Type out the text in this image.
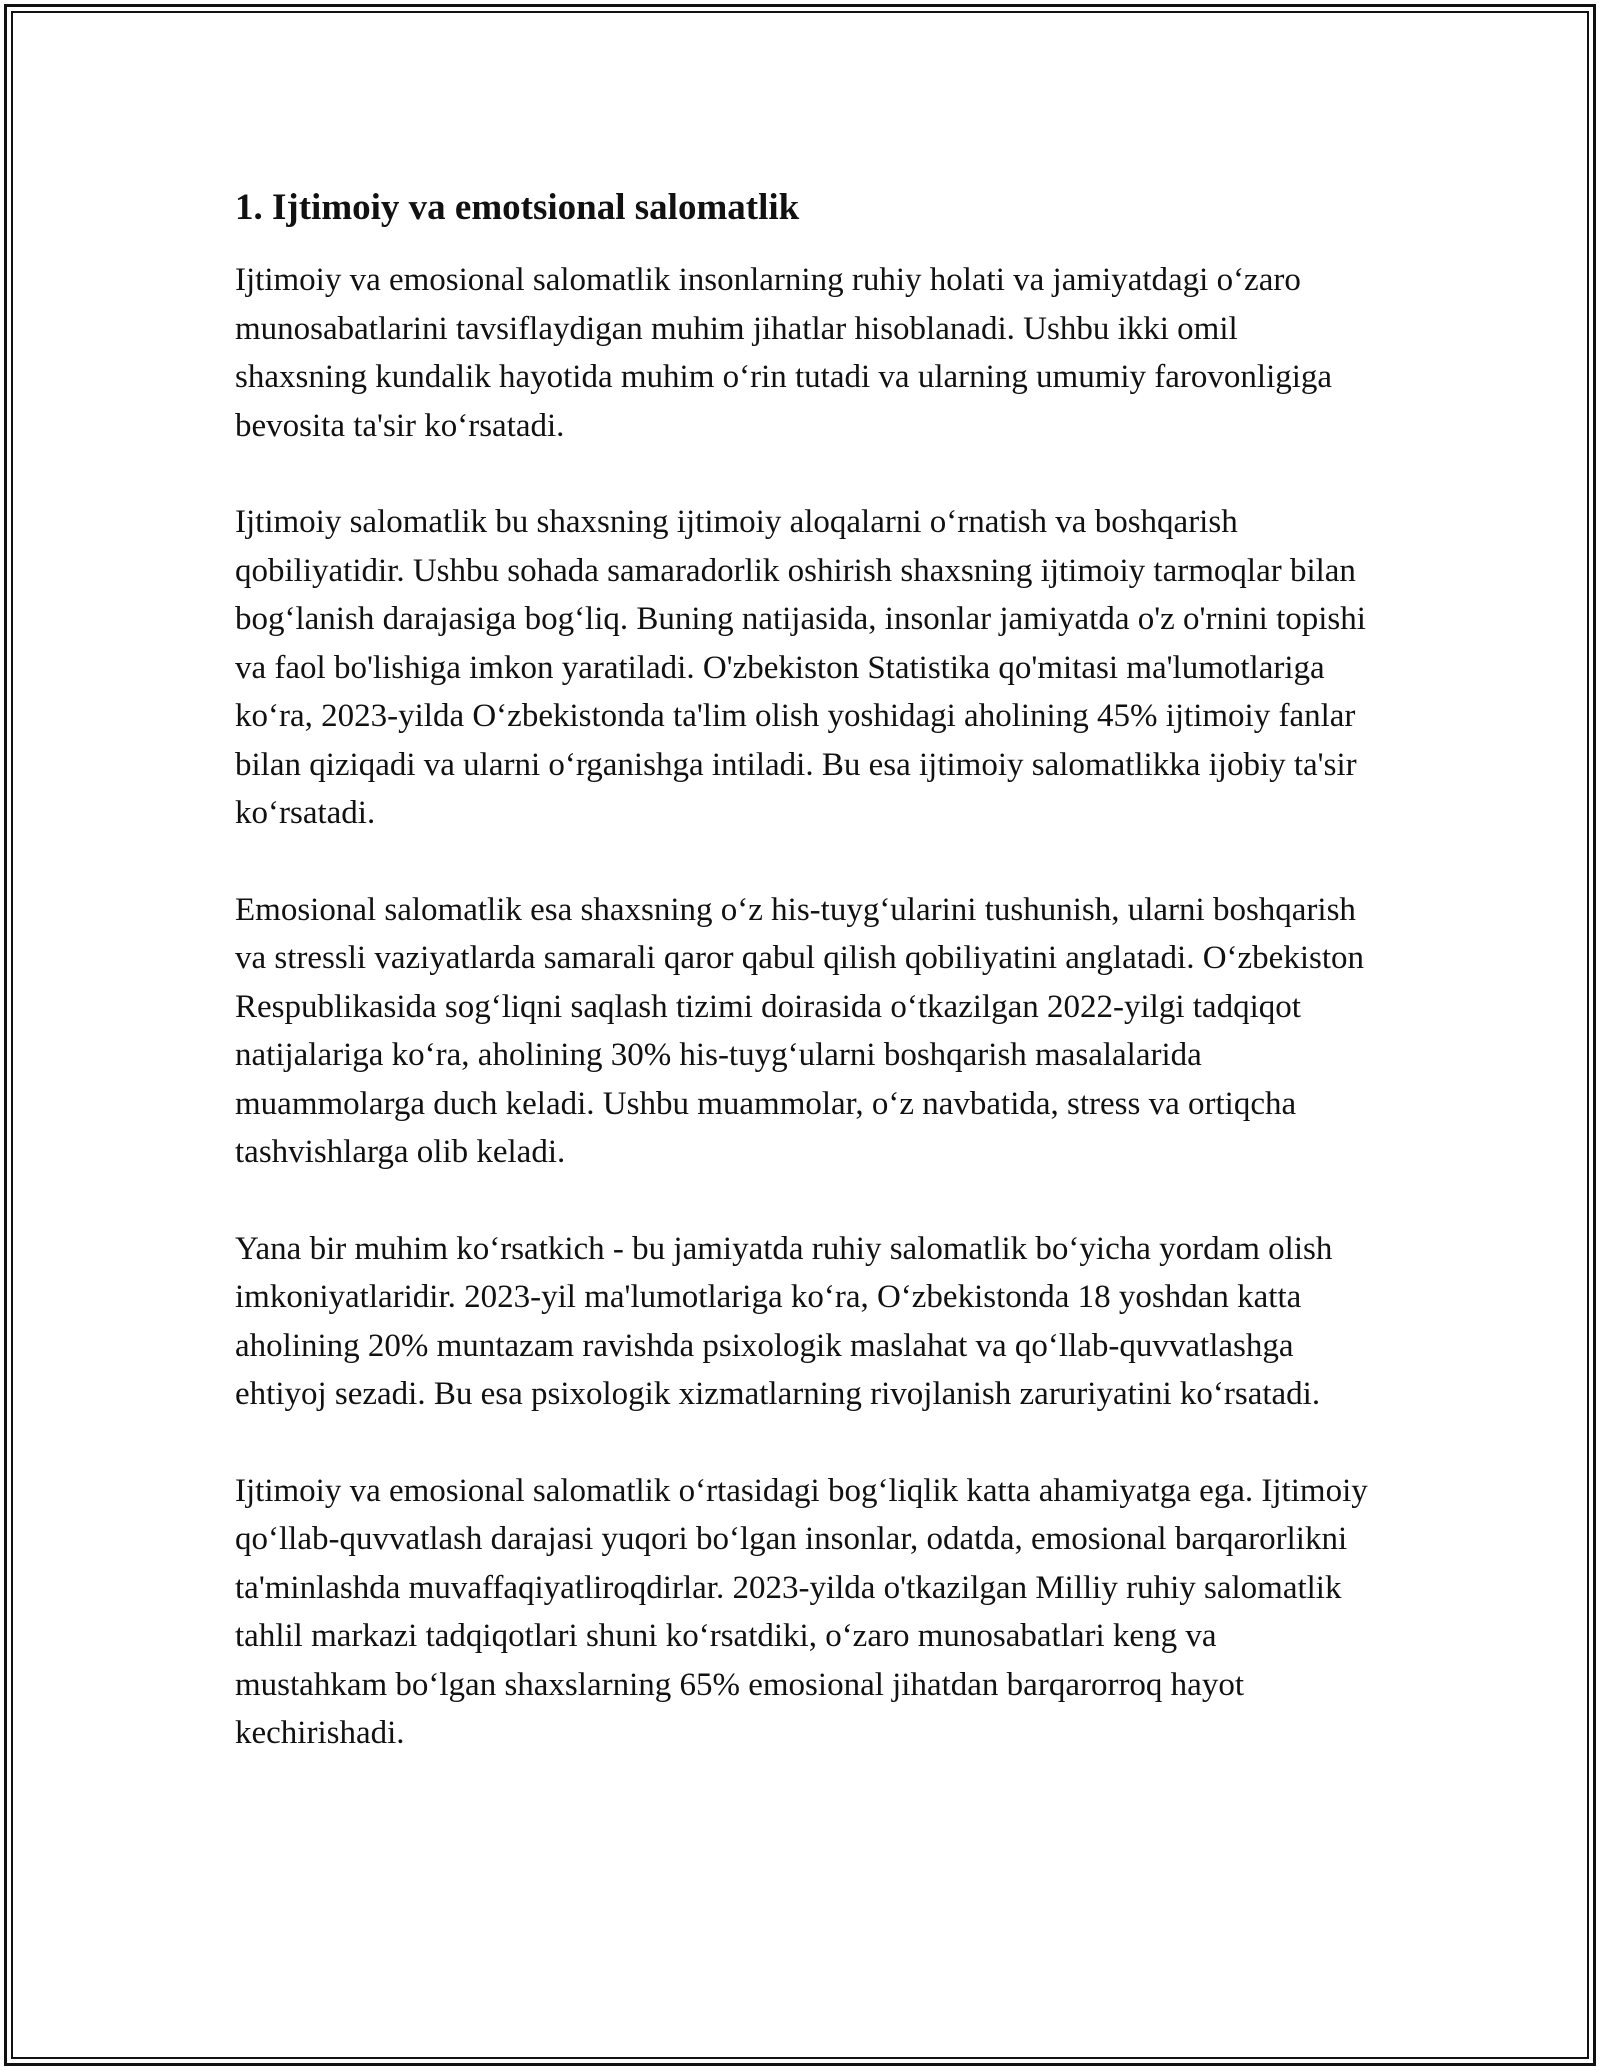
1. Ijtimoiy va emotsional salomatlik

Ijtimoiy va emosional salomatlik insonlarning ruhiy holati va jamiyatdagi o‘zaro munosabatlarini tavsiflaydigan muhim jihatlar hisoblanadi. Ushbu ikki omil shaxsning kundalik hayotida muhim o‘rin tutadi va ularning umumiy farovonligiga bevosita ta'sir ko‘rsatadi.

Ijtimoiy salomatlik bu shaxsning ijtimoiy aloqalarni o‘rnatish va boshqarish qobiliyatidir. Ushbu sohada samaradorlik oshirish shaxsning ijtimoiy tarmoqlar bilan bog‘lanish darajasiga bog‘liq. Buning natijasida, insonlar jamiyatda o'z o'rnini topishi va faol bo'lishiga imkon yaratiladi. O'zbekiston Statistika qo'mitasi ma'lumotlariga ko‘ra, 2023-yilda O‘zbekistonda ta'lim olish yoshidagi aholining 45% ijtimoiy fanlar bilan qiziqadi va ularni o‘rganishga intiladi. Bu esa ijtimoiy salomatlikka ijobiy ta'sir ko‘rsatadi.

Emosional salomatlik esa shaxsning o‘z his-tuyg‘ularini tushunish, ularni boshqarish va stressli vaziyatlarda samarali qaror qabul qilish qobiliyatini anglatadi. O‘zbekiston Respublikasida sog‘liqni saqlash tizimi doirasida o‘tkazilgan 2022-yilgi tadqiqot natijalariga ko‘ra, aholining 30% his-tuyg‘ularni boshqarish masalalarida muammolarga duch keladi. Ushbu muammolar, o‘z navbatida, stress va ortiqcha tashvishlarga olib keladi.

Yana bir muhim ko‘rsatkich - bu jamiyatda ruhiy salomatlik bo‘yicha yordam olish imkoniyatlaridir. 2023-yil ma'lumotlariga ko‘ra, O‘zbekistonda 18 yoshdan katta aholining 20% muntazam ravishda psixologik maslahat va qo‘llab-quvvatlashga ehtiyoj sezadi. Bu esa psixologik xizmatlarning rivojlanish zaruriyatini ko‘rsatadi.

Ijtimoiy va emosional salomatlik o‘rtasidagi bog‘liqlik katta ahamiyatga ega. Ijtimoiy qo‘llab-quvvatlash darajasi yuqori bo‘lgan insonlar, odatda, emosional barqarorlikni ta'minlashda muvaffaqiyatliroqdirlar. 2023-yilda o'tkazilgan Milliy ruhiy salomatlik tahlil markazi tadqiqotlari shuni ko‘rsatdiki, o‘zaro munosabatlari keng va mustahkam bo‘lgan shaxslarning 65% emosional jihatdan barqarorroq hayot kechirishadi.
